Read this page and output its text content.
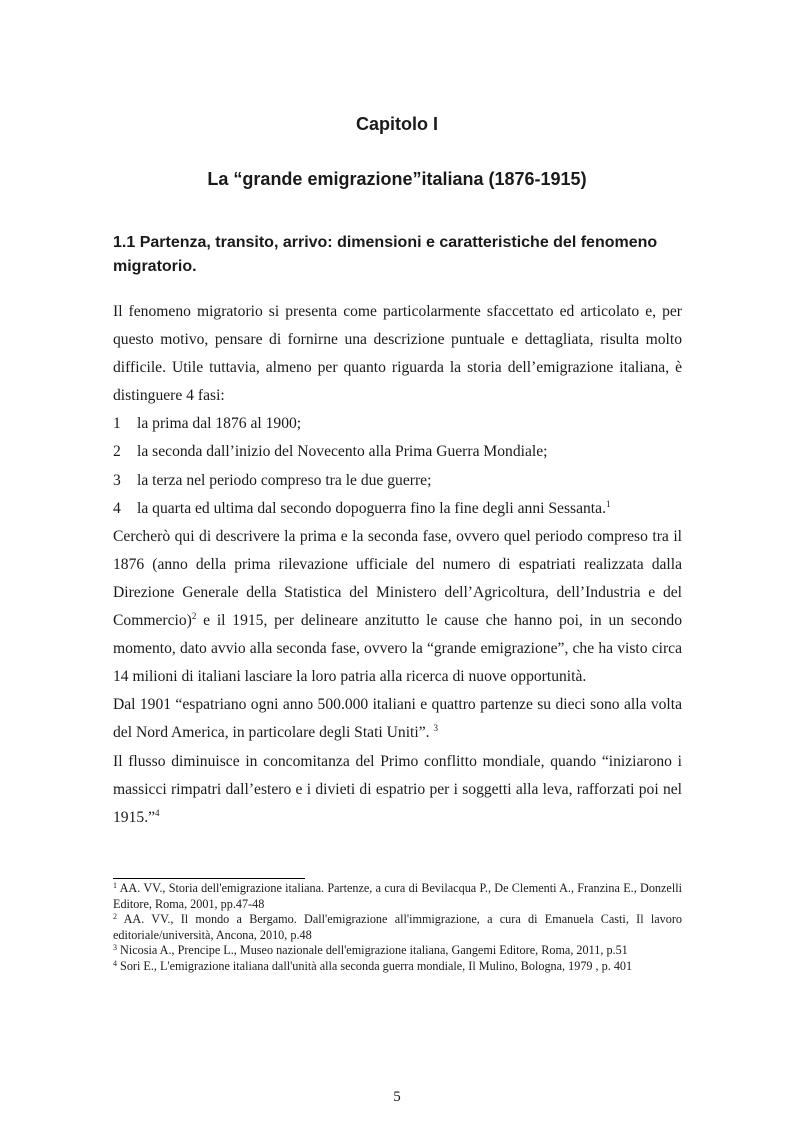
Capitolo I
La “grande emigrazione”italiana (1876-1915)
1.1 Partenza, transito, arrivo: dimensioni e caratteristiche del fenomeno migratorio.

Il fenomeno migratorio si presenta come particolarmente sfaccettato ed articolato e, per questo motivo, pensare di fornirne una descrizione puntuale e dettagliata, risulta molto difficile. Utile tuttavia, almeno per quanto riguarda la storia dell’emigrazione italiana, è distinguere 4 fasi:

1	la prima dal 1876 al 1900;
2	la seconda dall’inizio del Novecento alla Prima Guerra Mondiale;
3	la terza nel periodo compreso tra le due guerre;
4	la quarta ed ultima dal secondo dopoguerra fino la fine degli anni Sessanta.$^1$

Cercherò qui di descrivere la prima e la seconda fase, ovvero quel periodo compreso tra il 1876 (anno della prima rilevazione ufficiale del numero di espatriati realizzata dalla Direzione Generale della Statistica del Ministero dell’Agricoltura, dell’Industria e del Commercio)$^2$ e il 1915, per delineare anzitutto le cause che hanno poi, in un secondo momento, dato avvio alla seconda fase, ovvero la “grande emigrazione”, che ha visto circa 14 milioni di italiani lasciare la loro patria alla ricerca di nuove opportunità.

Dal 1901 “espatriano ogni anno 500.000 italiani e quattro partenze su dieci sono alla volta del Nord America, in particolare degli Stati Uniti”. $^3$

Il flusso diminuisce in concomitanza del Primo conflitto mondiale, quando “iniziarono i massicci rimpatri dall’estero e i divieti di espatrio per i soggetti alla leva, rafforzati poi nel 1915.”$^4$

$^1$ AA. VV., Storia dell'emigrazione italiana. Partenze, a cura di Bevilacqua P., De Clementi A., Franzina E., Donzelli Editore, Roma, 2001, pp.47-48
$^2$ AA. VV., Il mondo a Bergamo. Dall'emigrazione all'immigrazione, a cura di Emanuela Casti, Il lavoro editoriale/università, Ancona, 2010, p.48
$^3$ Nicosia A., Prencipe L., Museo nazionale dell'emigrazione italiana, Gangemi Editore, Roma, 2011, p.51
$^4$ Sori E., L'emigrazione italiana dall'unità alla seconda guerra mondiale, Il Mulino, Bologna, 1979 , p. 401
5
